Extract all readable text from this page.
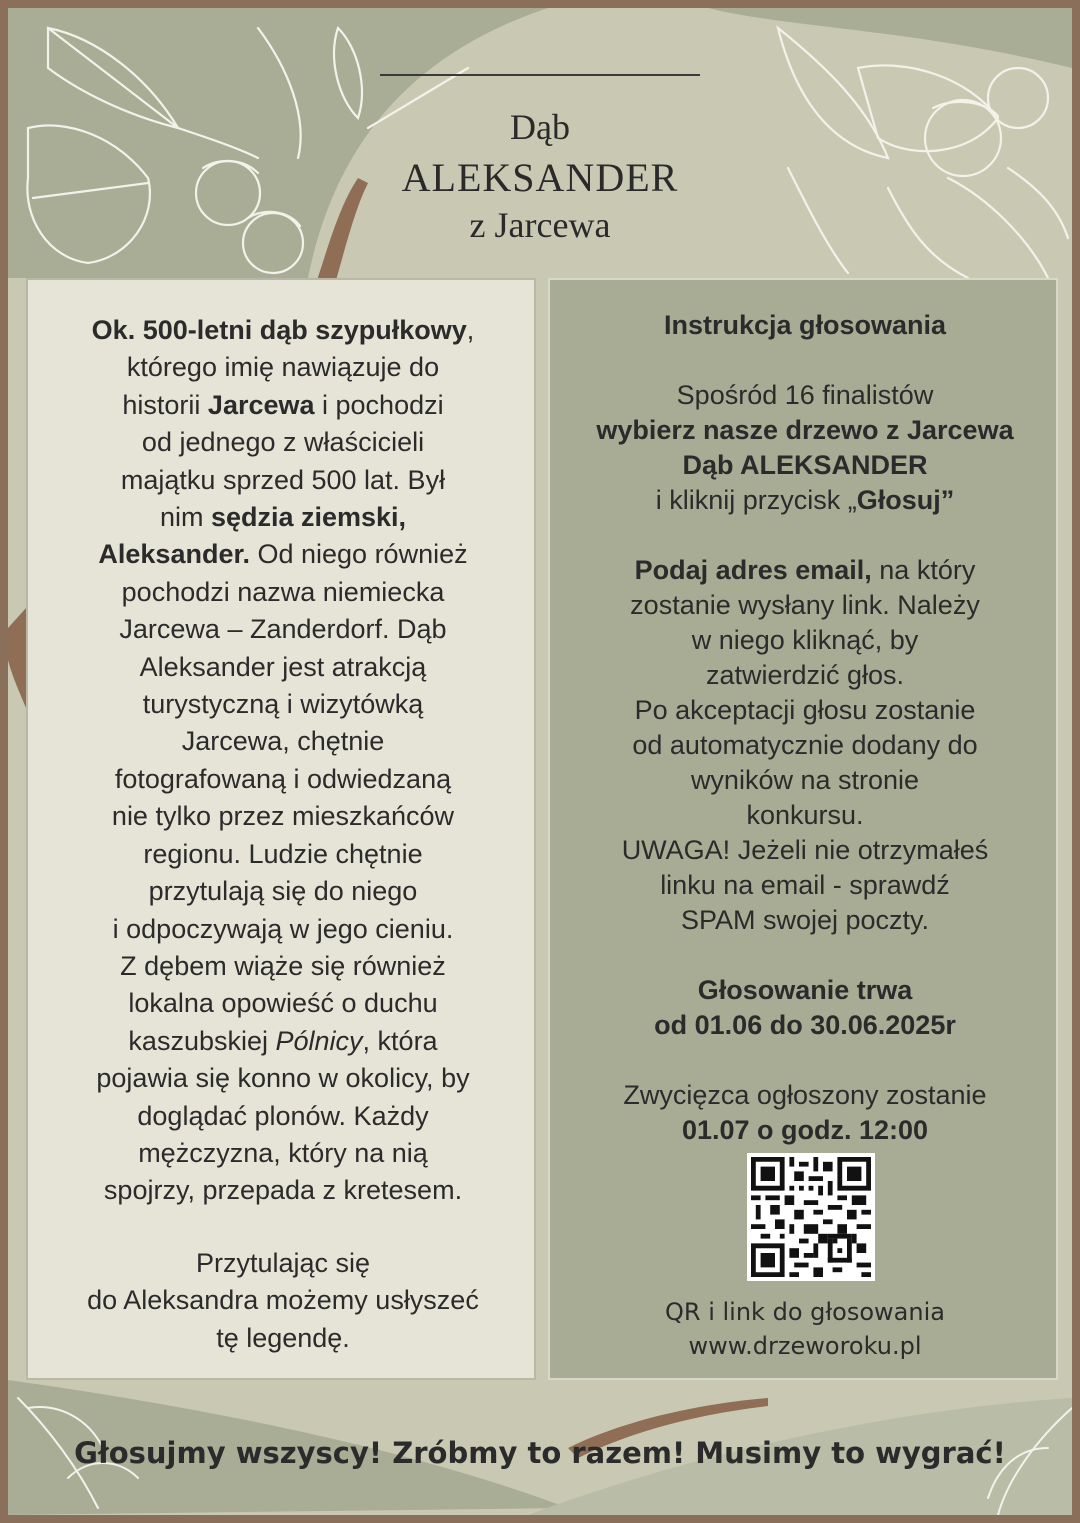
Dąb
ALEKSANDER
z Jarcewa
Ok. 500-letni dąb szypułkowy,
którego imię nawiązuje do
historii Jarcewa i pochodzi
od jednego z właścicieli
majątku sprzed 500 lat. Był
nim sędzia ziemski,
Aleksander. Od niego również
pochodzi nazwa niemiecka
Jarcewa – Zanderdorf. Dąb
Aleksander jest atrakcją
turystyczną i wizytówką
Jarcewa, chętnie
fotografowaną i odwiedzaną
nie tylko przez mieszkańców
regionu. Ludzie chętnie
przytulają się do niego
i odpoczywają w jego cieniu.
Z dębem wiąże się również
lokalna opowieść o duchu
kaszubskiej Pólnicy, która
pojawia się konno w okolicy, by
doglądać plonów. Każdy
mężczyzna, który na nią
spojrzy, przepada z kretesem.
Przytulając się
do Aleksandra możemy usłyszeć
tę legendę.
Instrukcja głosowania
Spośród 16 finalistów
wybierz nasze drzewo z Jarcewa
Dąb ALEKSANDER
i kliknij przycisk „Głosuj”
Podaj adres email, na który
zostanie wysłany link. Należy
w niego kliknąć, by
zatwierdzić głos.
Po akceptacji głosu zostanie
od automatycznie dodany do
wyników na stronie
konkursu.
UWAGA! Jeżeli nie otrzymałeś
linku na email - sprawdź
SPAM swojej poczty.
Głosowanie trwa
od 01.06 do 30.06.2025r
Zwycięzca ogłoszony zostanie
01.07 o godz. 12:00
QR i link do głosowania
www.drzeworoku.pl
Głosujmy wszyscy! Zróbmy to razem! Musimy to wygrać!
